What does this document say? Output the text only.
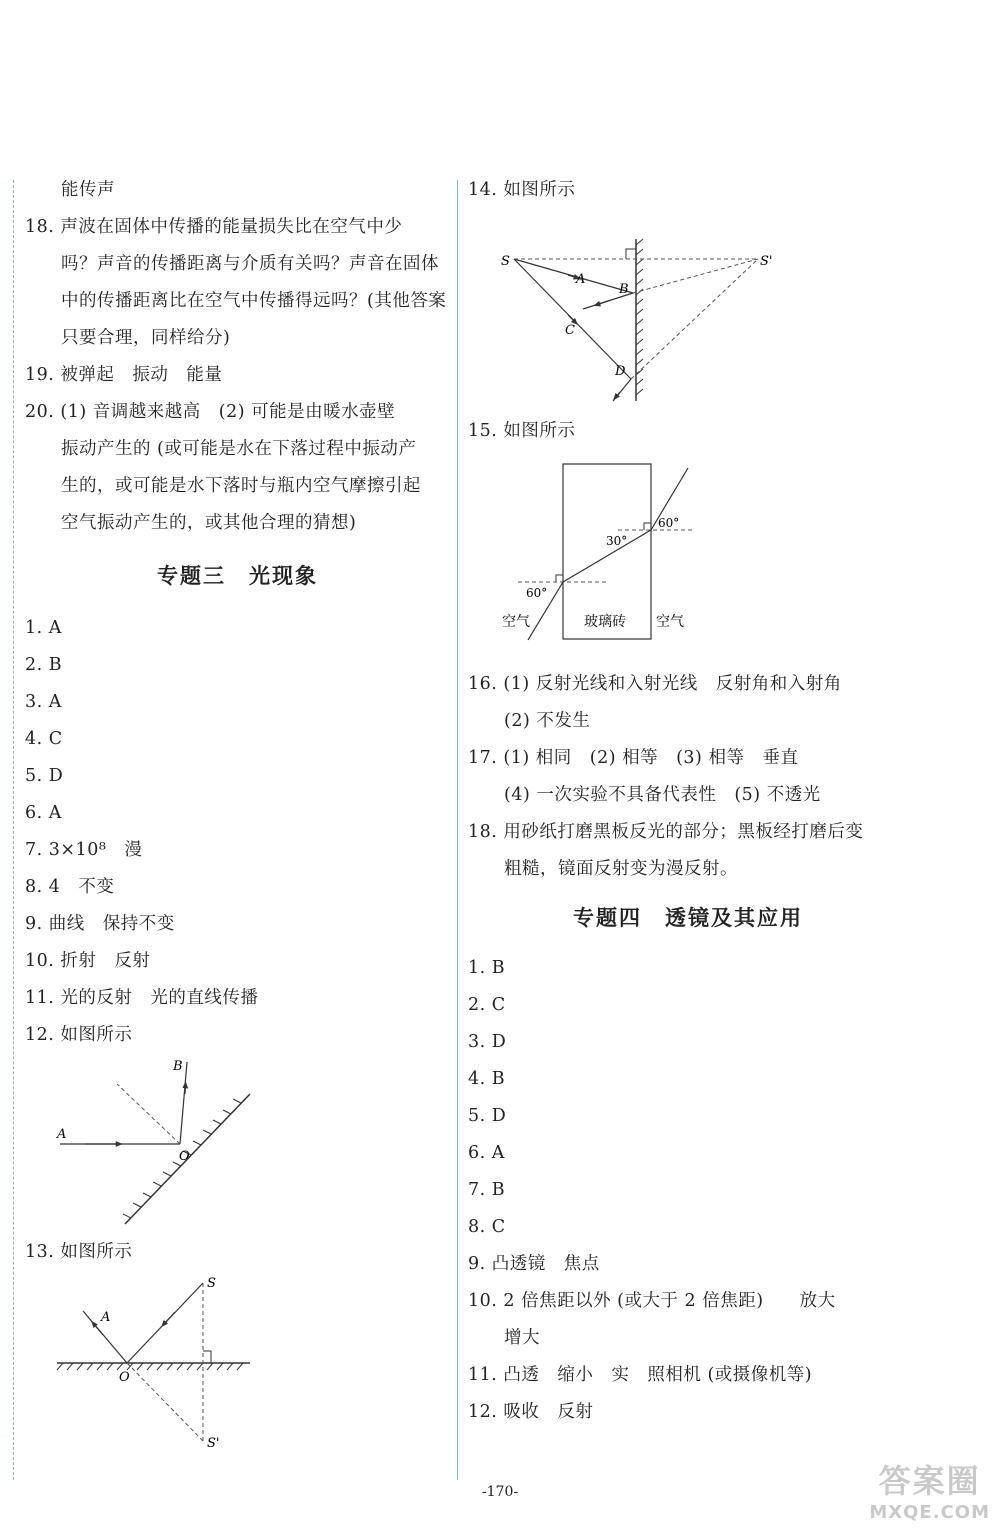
能传声
18. 声波在固体中传播的能量损失比在空气中少
吗？声音的传播距离与介质有关吗？声音在固体
中的传播距离比在空气中传播得远吗？(其他答案
只要合理，同样给分)
19. 被弹起　振动　能量
20. (1) 音调越来越高　(2) 可能是由暖水壶壁
振动产生的 (或可能是水在下落过程中振动产
生的，或可能是水下落时与瓶内空气摩擦引起
空气振动产生的，或其他合理的猜想)
专题三　光现象
1. A
2. B
3. A
4. C
5. D
6. A
7. 3×10⁸　漫
8. 4　不变
9. 曲线　保持不变
10. 折射　反射
11. 光的反射　光的直线传播
12. 如图所示
A
B
O
13. 如图所示
A
O
S
S'
14. 如图所示
S	S'
A
B
C
D
15. 如图所示
60°
30°
60°
空气	玻璃砖 空气
16. (1) 反射光线和入射光线　反射角和入射角
(2) 不发生
17. (1) 相同　(2) 相等　(3) 相等　垂直
(4) 一次实验不具备代表性　(5) 不透光
18. 用砂纸打磨黑板反光的部分；黑板经打磨后变
粗糙，镜面反射变为漫反射。
专题四　透镜及其应用
1. B
2. C
3. D
4. B
5. D
6. A
7. B
8. C
9. 凸透镜　焦点
10. 2 倍焦距以外 (或大于 2 倍焦距)　　放大
增大
11. 凸透　缩小　实　照相机 (或摄像机等)
12. 吸收　反射
-170-	答案圈
MXQE.COM
